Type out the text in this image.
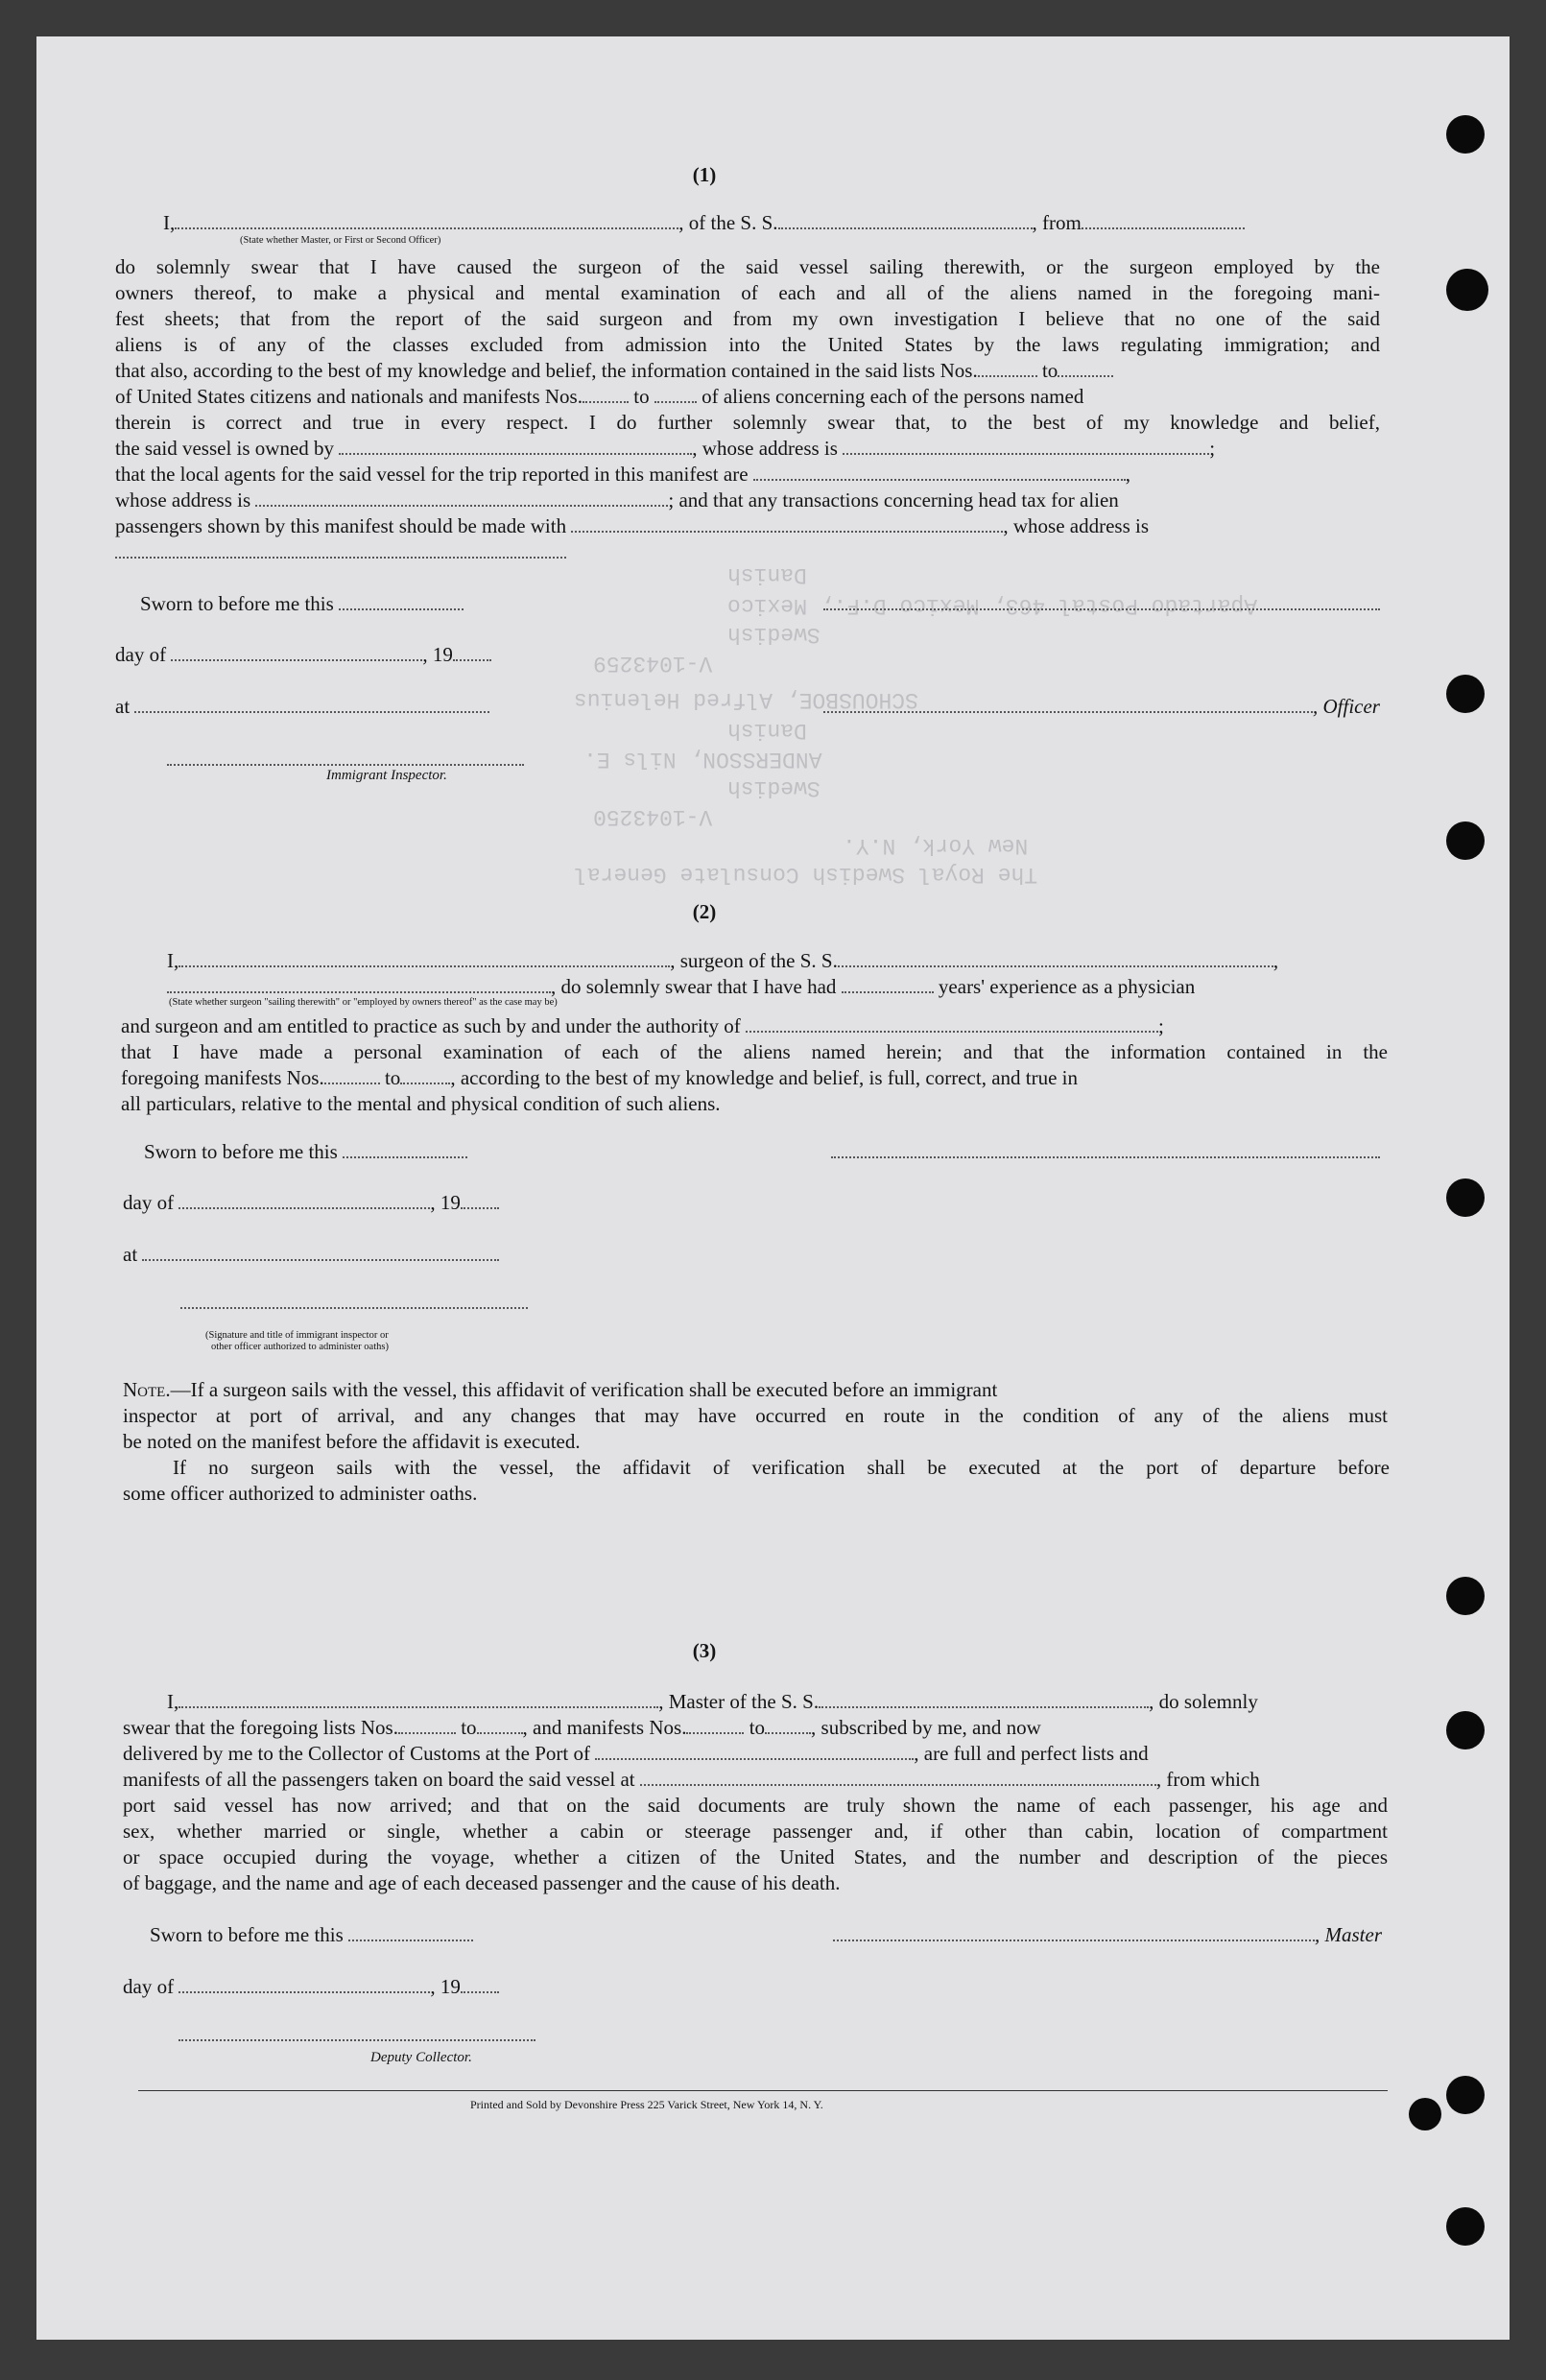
The Royal Swedish Consulate General
New York, N.Y.
V-1043250
Swedish
ANDERSSON, Nils E.
Danish
SCHOUSBOE, Alfred Helenius
Apartado Postal 463, Mexico D.F., Mexico
Danish
V-1043259
Swedish
(1)
I,	, of the S. S.	, from
(State whether Master, or First or Second Officer)
do solemnly swear that I have caused the surgeon of the said vessel sailing therewith, or the surgeon employed by the
owners thereof, to make a physical and mental examination of each and all of the aliens named in the foregoing mani-
fest sheets; that from the report of the said surgeon and from my own investigation I believe that no one of the said
aliens is of any of the classes excluded from admission into the United States by the laws regulating immigration; and
that also, according to the best of my knowledge and belief, the information contained in the said lists Nos.	to
of United States citizens and nationals and manifests Nos.	to	of aliens concerning each of the persons named
therein is correct and true in every respect. I do further solemnly swear that, to the best of my knowledge and belief,
the said vessel is owned by	, whose address is	;
that the local agents for the said vessel for the trip reported in this manifest are	,
whose address is	; and that any transactions concerning head tax for alien
passengers shown by this manifest should be made with	, whose address is
Sworn to before me this
day of	, 19
at	, Officer
Immigrant Inspector.
(2)
I,	, surgeon of the S. S.	,
, do solemnly swear that I have had	years' experience as a physician
(State whether surgeon "sailing therewith" or "employed by owners thereof" as the case may be)
and surgeon and am entitled to practice as such by and under the authority of	;
that I have made a personal examination of each of the aliens named herein; and that the information contained in the
foregoing manifests Nos.	to , according to the best of my knowledge and belief, is full, correct, and true in
all particulars, relative to the mental and physical condition of such aliens.
Sworn to before me this
day of	, 19
at
(Signature and title of immigrant inspector or
other officer authorized to administer oaths)
Note.—If a surgeon sails with the vessel, this affidavit of verification shall be executed before an immigrant
inspector at port of arrival, and any changes that may have occurred en route in the condition of any of the aliens must
be noted on the manifest before the affidavit is executed.
If no surgeon sails with the vessel, the affidavit of verification shall be executed at the port of departure before
some officer authorized to administer oaths.
(3)
I,	, Master of the S. S.	, do solemnly
swear that the foregoing lists Nos.	to , and manifests Nos.	to , subscribed by me, and now
delivered by me to the Collector of Customs at the Port of	, are full and perfect lists and
manifests of all the passengers taken on board the said vessel at	, from which
port said vessel has now arrived; and that on the said documents are truly shown the name of each passenger, his age and
sex, whether married or single, whether a cabin or steerage passenger and, if other than cabin, location of compartment
or space occupied during the voyage, whether a citizen of the United States, and the number and description of the pieces
of baggage, and the name and age of each deceased passenger and the cause of his death.
Sworn to before me this	, Master
day of	, 19
Deputy Collector.
Printed and Sold by Devonshire Press 225 Varick Street, New York 14, N. Y.
